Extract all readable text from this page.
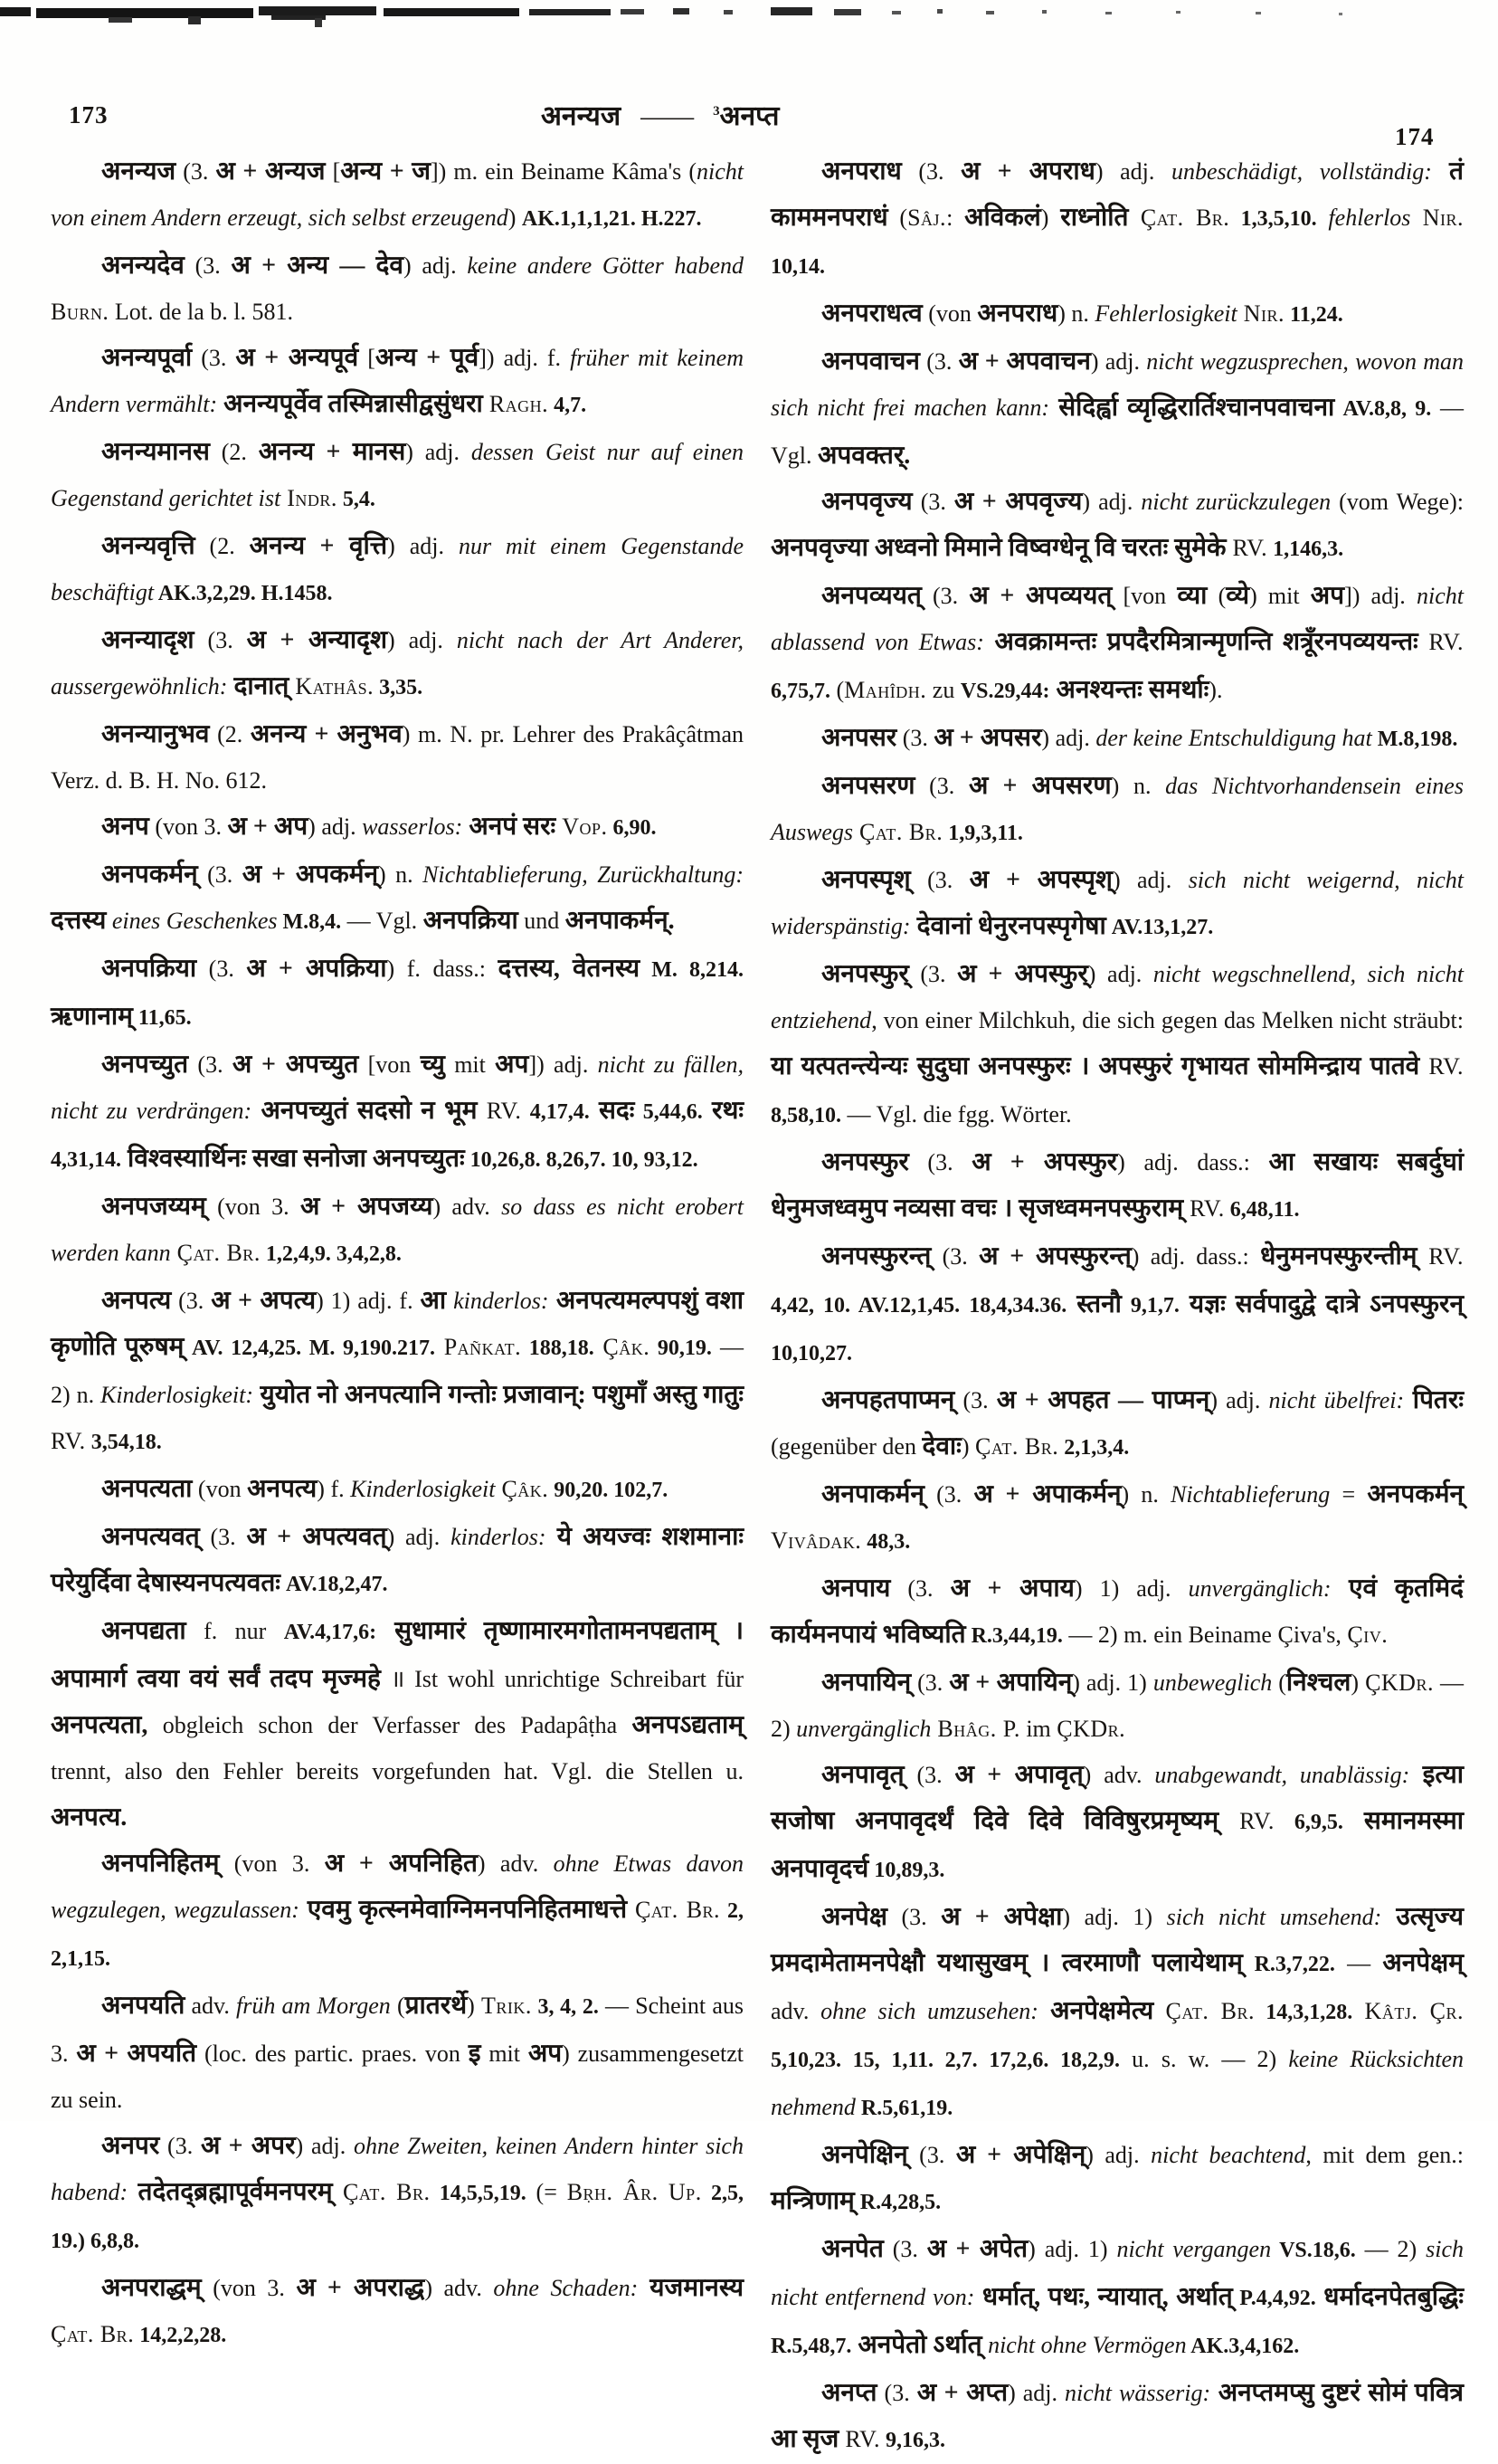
173	अनन्यज —— $^3$अनप्त
174

अनन्यज (3. अ + अन्यज [अन्य + ज]) m. ein Beiname Kâma's (nicht von einem Andern erzeugt, sich selbst erzeugend) AK.1,1,1,21. H.227.

अनन्यदेव (3. अ + अन्य — देव) adj. keine andere Götter habend Burn. Lot. de la b. l. 581.

अनन्यपूर्वा (3. अ + अन्यपूर्व [अन्य + पूर्व]) adj. f. früher mit keinem Andern vermählt: अनन्यपूर्वेव तस्मिन्नासीद्वसुंधरा Ragh. 4,7.

अनन्यमानस (2. अनन्य + मानस) adj. dessen Geist nur auf einen Gegenstand gerichtet ist Indr. 5,4.

अनन्यवृत्ति (2. अनन्य + वृत्ति) adj. nur mit einem Gegenstande beschäftigt AK.3,2,29. H.1458.

अनन्यादृश (3. अ + अन्यादृश) adj. nicht nach der Art Anderer, aussergewöhnlich: दानात् Kathâs. 3,35.

अनन्यानुभव (2. अनन्य + अनुभव) m. N. pr. Lehrer des Prakâçâtman Verz. d. B. H. No. 612.

अनप (von 3. अ + अप) adj. wasserlos: अनपं सरः Vop. 6,90.

अनपकर्मन् (3. अ + अपकर्मन्) n. Nichtablieferung, Zurückhaltung: दत्तस्य eines Geschenkes M.8,4. — Vgl. अनपक्रिया und अनपाकर्मन्.

अनपक्रिया (3. अ + अपक्रिया) f. dass.: दत्तस्य, वेतनस्य M. 8,214. ऋणानाम् 11,65.

अनपच्युत (3. अ + अपच्युत [von च्यु mit अप]) adj. nicht zu fällen, nicht zu verdrängen: अनपच्युतं सदसो न भूम RV. 4,17,4. सदः 5,44,6. रथः 4,31,14. विश्वस्यार्थिनः सखा सनोजा अनपच्युतः 10,26,8. 8,26,7. 10, 93,12.

अनपजय्यम् (von 3. अ + अपजय्य) adv. so dass es nicht erobert werden kann Çat. Br. 1,2,4,9. 3,4,2,8.

अनपत्य (3. अ + अपत्य) 1) adj. f. आ kinderlos: अनपत्यमल्पपशुं वशा कृणोति पूरुषम् AV. 12,4,25. M. 9,190.217. Pañkat. 188,18. Çâk. 90,19. — 2) n. Kinderlosigkeit: युयोत नो अनपत्यानि गन्तोः प्रजावान्: पशुमाँ अस्तु गातुः RV. 3,54,18.

अनपत्यता (von अनपत्य) f. Kinderlosigkeit Çâk. 90,20. 102,7.

अनपत्यवत् (3. अ + अपत्यवत्) adj. kinderlos: ये अयज्वः शशमानाः परेयुर्दिवा देषास्यनपत्यवतः AV.18,2,47.

अनपद्यता f. nur AV.4,17,6: सुधामारं तृष्णामारमगोतामनपद्यताम् । अपामार्ग त्वया वयं सर्वं तदप मृज्महे ॥ Ist wohl unrichtige Schreibart für अनपत्यता, obgleich schon der Verfasser des Padapâṭha अनपऽद्यताम् trennt, also den Fehler bereits vorgefunden hat. Vgl. die Stellen u. अनपत्य.

अनपनिहितम् (von 3. अ + अपनिहित) adv. ohne Etwas davon wegzulegen, wegzulassen: एवमु कृत्स्नमेवाग्निमनपनिहितमाधत्ते Çat. Br. 2, 2,1,15.

अनपयति adv. früh am Morgen (प्रातरर्थे) Trik. 3, 4, 2. — Scheint aus 3. अ + अपयति (loc. des partic. praes. von इ mit अप) zusammengesetzt zu sein.

अनपर (3. अ + अपर) adj. ohne Zweiten, keinen Andern hinter sich habend: तदेतद्ब्रह्मापूर्वमनपरम् Çat. Br. 14,5,5,19. (= Bṛh. Âr. Up. 2,5, 19.) 6,8,8.

अनपराद्धम् (von 3. अ + अपराद्ध) adv. ohne Schaden: यजमानस्य Çat. Br. 14,2,2,28.

अनपराध (3. अ + अपराध) adj. unbeschädigt, vollständig: तं काममनपराधं (Sâj.: अविकलं) राध्नोति Çat. Br. 1,3,5,10. fehlerlos Nir. 10,14.

अनपराधत्व (von अनपराध) n. Fehlerlosigkeit Nir. 11,24.

अनपवाचन (3. अ + अपवाचन) adj. nicht wegzusprechen, wovon man sich nicht frei machen kann: सेदिर्ह्वा व्यृद्धिरार्तिश्चानपवाचना AV.8,8, 9. — Vgl. अपवक्तर्.

अनपवृज्य (3. अ + अपवृज्य) adj. nicht zurückzulegen (vom Wege): अनपवृज्या अध्वनो मिमाने विष्वग्धेनू वि चरतः सुमेके RV. 1,146,3.

अनपव्ययत् (3. अ + अपव्ययत् [von व्या (व्ये) mit अप]) adj. nicht ablassend von Etwas: अवक्रामन्तः प्रपदैरमित्रान्मृणन्ति शत्रूँरनपव्ययन्तः RV. 6,75,7. (Mahîdh. zu VS.29,44: अनश्यन्तः समर्थाः).

अनपसर (3. अ + अपसर) adj. der keine Entschuldigung hat M.8,198.

अनपसरण (3. अ + अपसरण) n. das Nichtvorhandensein eines Auswegs Çat. Br. 1,9,3,11.

अनपस्पृश् (3. अ + अपस्पृश्) adj. sich nicht weigernd, nicht widerspänstig: देवानां धेनुरनपस्पृगेषा AV.13,1,27.

अनपस्फुर् (3. अ + अपस्फुर्) adj. nicht wegschnellend, sich nicht entziehend, von einer Milchkuh, die sich gegen das Melken nicht sträubt: या यत्पतन्त्येन्यः सुदुघा अनपस्फुरः । अपस्फुरं गृभायत सोममिन्द्राय पातवे RV. 8,58,10. — Vgl. die fgg. Wörter.

अनपस्फुर (3. अ + अपस्फुर) adj. dass.: आ सखायः सबर्दुघां धेनुमजध्वमुप नव्यसा वचः । सृजध्वमनपस्फुराम् RV. 6,48,11.

अनपस्फुरन्त् (3. अ + अपस्फुरन्त्) adj. dass.: धेनुमनपस्फुरन्तीम् RV. 4,42, 10. AV.12,1,45. 18,4,34.36. स्तनौ 9,1,7. यज्ञः सर्वपादुद्वे दात्रे ऽनपस्फुरन् 10,10,27.

अनपहतपाप्मन् (3. अ + अपहत — पाप्मन्) adj. nicht übelfrei: पितरः (gegenüber den देवाः) Çat. Br. 2,1,3,4.

अनपाकर्मन् (3. अ + अपाकर्मन्) n. Nichtablieferung = अनपकर्मन् Vivâdak. 48,3.

अनपाय (3. अ + अपाय) 1) adj. unvergänglich: एवं कृतमिदं कार्यमनपायं भविष्यति R.3,44,19. — 2) m. ein Beiname Çiva's, Çiv.

अनपायिन् (3. अ + अपायिन्) adj. 1) unbeweglich (निश्चल) ÇKDr. — 2) unvergänglich Bhâg. P. im ÇKDr.

अनपावृत् (3. अ + अपावृत्) adv. unabgewandt, unablässig: इत्या सजोषा अनपावृदर्थं दिवे दिवे विविषुरप्रमृष्यम् RV. 6,9,5. समानमस्मा अनपावृदर्च 10,89,3.

अनपेक्ष (3. अ + अपेक्षा) adj. 1) sich nicht umsehend: उत्सृज्य प्रमदामेतामनपेक्षौ यथासुखम् । त्वरमाणौ पलायेथाम् R.3,7,22. — अनपेक्षम् adv. ohne sich umzusehen: अनपेक्षमेत्य Çat. Br. 14,3,1,28. Kâtj. Çr. 5,10,23. 15, 1,11. 2,7. 17,2,6. 18,2,9. u. s. w. — 2) keine Rücksichten nehmend R.5,61,19.

अनपेक्षिन् (3. अ + अपेक्षिन्) adj. nicht beachtend, mit dem gen.: मन्त्रिणाम् R.4,28,5.

अनपेत (3. अ + अपेत) adj. 1) nicht vergangen VS.18,6. — 2) sich nicht entfernend von: धर्मात्, पथः, न्यायात्, अर्थात् P.4,4,92. धर्मादनपेतबुद्धिः R.5,48,7. अनपेतो ऽर्थात् nicht ohne Vermögen AK.3,4,162.

अनप्त (3. अ + अप्त) adj. nicht wässerig: अनप्तमप्सु दुष्टरं सोमं पवित्र आ सृज RV. 9,16,3.
